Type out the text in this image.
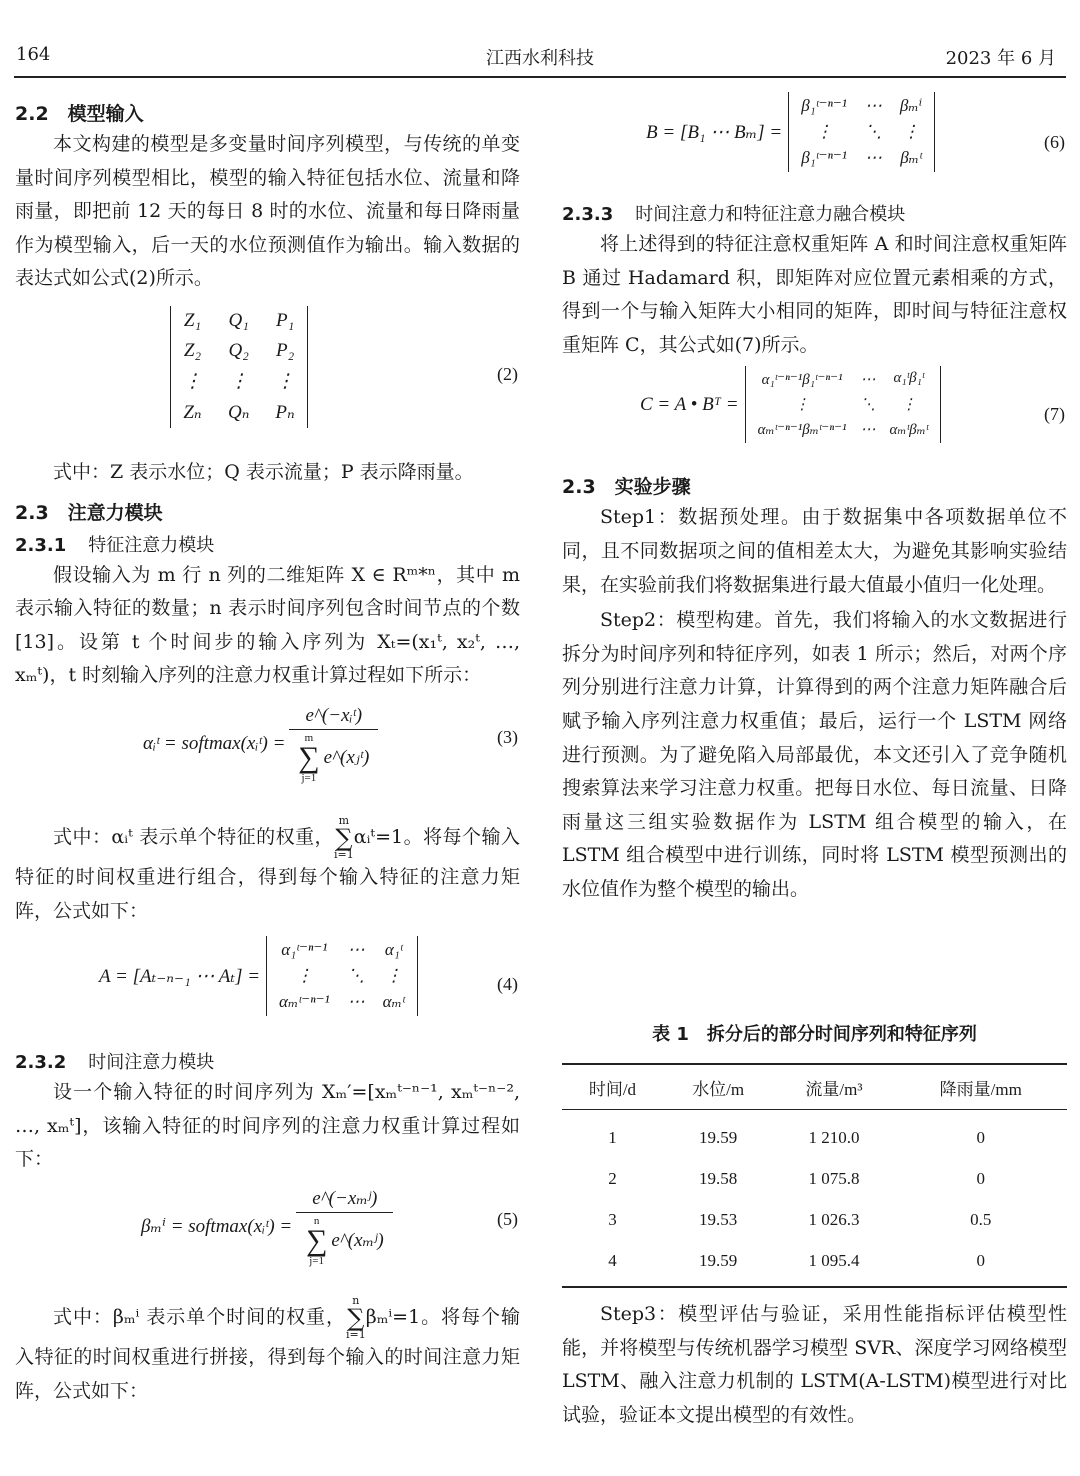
164	江西水利科技	2023 年 6 月
2.2　模型输入

本文构建的模型是多变量时间序列模型，与传统的单变量时间序列模型相比，模型的输入特征包括水位、流量和降雨量，即把前 12 天的每日 8 时的水位、流量和每日降雨量作为模型输入，后一天的水位预测值作为输出。输入数据的表达式如公式(2)所示。

Z₁ Q₁ P₁
Z₂ Q₂ P₂
⋮ ⋮ ⋮
Zₙ Qₙ Pₙ
(2)

式中：Z 表示水位；Q 表示流量；P 表示降雨量。

2.3　注意力模块
2.3.1 特征注意力模块

假设输入为 m 行 n 列的二维矩阵 X ∈ Rᵐ*ⁿ，其中 m 表示输入特征的数量；n 表示时间序列包含时间节点的个数[13]。设第 t 个时间步的输入序列为 Xₜ=(x₁ᵗ, x₂ᵗ, …, xₘᵗ)，t 时刻输入序列的注意力权重计算过程如下所示：

αᵢᵗ = softmax(xᵢᵗ) = e^(−xᵢᵗ)
m
∑
j=1
e^(xⱼᵗ)	(3)

式中：αᵢᵗ 表示单个特征的权重，
m
∑
i=1
αᵢᵗ=1。将每个输入特征的时间权重进行组合，得到每个输入特征的注意力矩阵，公式如下：

A = [Aₜ₋ₙ₋₁ ⋯ Aₜ] =
α₁ᵗ⁻ⁿ⁻¹ ⋯ α₁ᵗ
⋮	⋱ ⋮
αₘᵗ⁻ⁿ⁻¹ ⋯ αₘᵗ
(4)
2.3.2 时间注意力模块

设一个输入特征的时间序列为 Xₘ′=[xₘᵗ⁻ⁿ⁻¹, xₘᵗ⁻ⁿ⁻², …, xₘᵗ]，该输入特征的时间序列的注意力权重计算过程如下：

βₘⁱ = softmax(xᵢᵗ) = e^(−xₘʲ)
n
∑
j=1
e^(xₘʲ)	(5)

式中：βₘⁱ 表示单个时间的权重，
n
∑
i=1
βₘⁱ=1。将每个输入特征的时间权重进行拼接，得到每个输入的时间注意力矩阵，公式如下：

B = [B₁ ⋯ Bₘ] =
β₁ᵗ⁻ⁿ⁻¹ ⋯ βₘⁱ
⋮	⋱ ⋮
β₁ᵗ⁻ⁿ⁻¹ ⋯ βₘᵗ
(6)
2.3.3 时间注意力和特征注意力融合模块

将上述得到的特征注意权重矩阵 A 和时间注意权重矩阵 B 通过 Hadamard 积，即矩阵对应位置元素相乘的方式，得到一个与输入矩阵大小相同的矩阵，即时间与特征注意权重矩阵 C，其公式如(7)所示。

C = A • Bᵀ =
α₁ᵗ⁻ⁿ⁻¹β₁ᵗ⁻ⁿ⁻¹ ⋯ α₁ᵗβ₁ᵗ
⋮	⋱	⋮
αₘᵗ⁻ⁿ⁻¹βₘᵗ⁻ⁿ⁻¹ ⋯ αₘᵗβₘᵗ
(7)
2.3　实验步骤

Step1：数据预处理。由于数据集中各项数据单位不同，且不同数据项之间的值相差太大，为避免其影响实验结果，在实验前我们将数据集进行最大值最小值归一化处理。

Step2：模型构建。首先，我们将输入的水文数据进行拆分为时间序列和特征序列，如表 1 所示；然后，对两个序列分别进行注意力计算，计算得到的两个注意力矩阵融合后赋予输入序列注意力权重值；最后，运行一个 LSTM 网络进行预测。为了避免陷入局部最优，本文还引入了竞争随机搜索算法来学习注意力权重。把每日水位、每日流量、日降雨量这三组实验数据作为 LSTM 组合模型的输入，在 LSTM 组合模型中进行训练，同时将 LSTM 模型预测出的水位值作为整个模型的输出。

表 1　拆分后的部分时间序列和特征序列
时间/d	水位/m	流量/m³	降雨量/mm
1	19.59	1 210.0	0
2	19.58	1 075.8	0
3	19.53	1 026.3	0.5
4	19.59	1 095.4	0

Step3：模型评估与验证，采用性能指标评估模型性能，并将模型与传统机器学习模型 SVR、深度学习网络模型 LSTM、融入注意力机制的 LSTM(A-LSTM)模型进行对比试验，验证本文提出模型的有效性。
